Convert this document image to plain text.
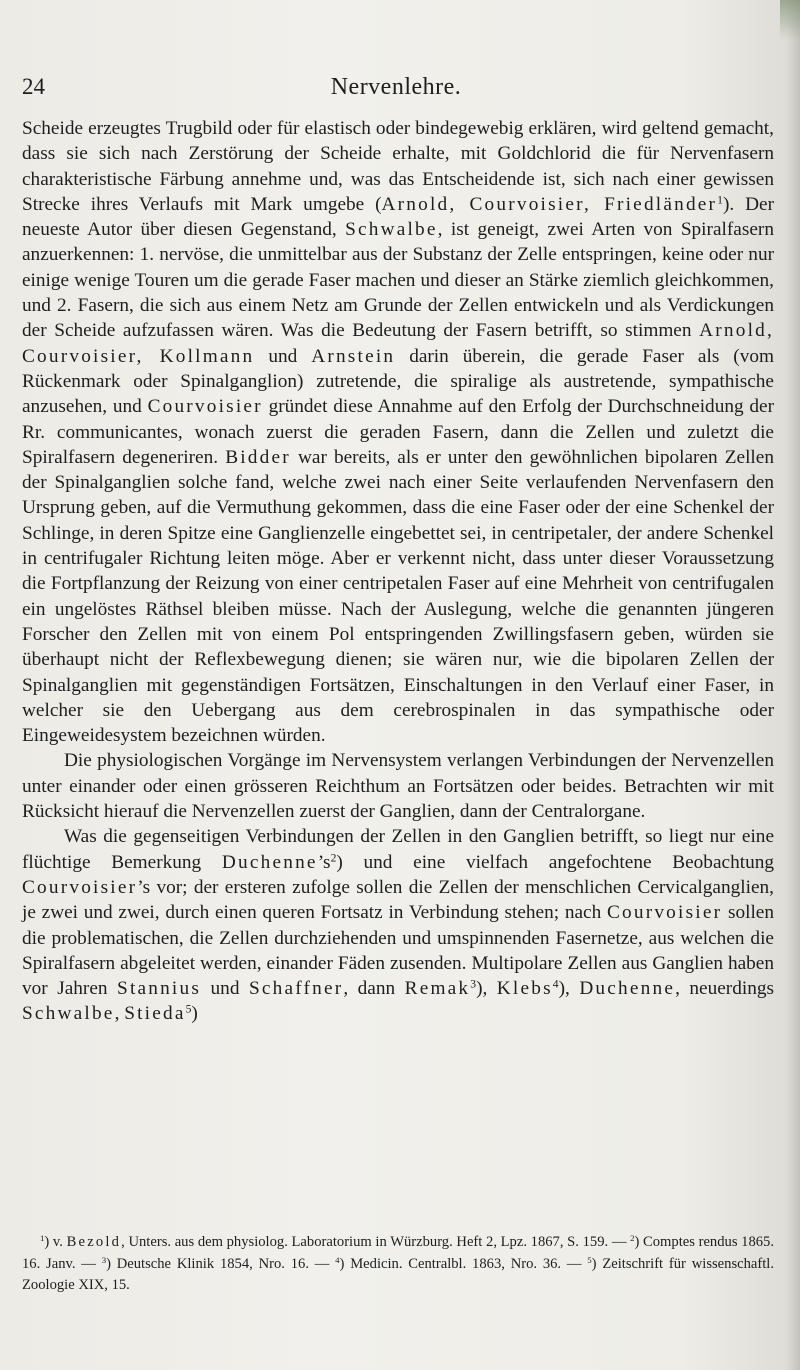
24	Nervenlehre.

Scheide erzeugtes Trugbild oder für elastisch oder bindegewebig erklären, wird geltend gemacht, dass sie sich nach Zerstörung der Scheide erhalte, mit Goldchlorid die für Nervenfasern charakteristische Färbung annehme und, was das Entscheidende ist, sich nach einer gewissen Strecke ihres Verlaufs mit Mark umgebe (Arnold, Courvoisier, Friedländer$^1$). Der neueste Autor über diesen Gegenstand, Schwalbe, ist geneigt, zwei Arten von Spiralfasern anzuerkennen: 1. nervöse, die unmittelbar aus der Substanz der Zelle entspringen, keine oder nur einige wenige Touren um die gerade Faser machen und dieser an Stärke ziemlich gleichkommen, und 2. Fasern, die sich aus einem Netz am Grunde der Zellen entwickeln und als Verdickungen der Scheide aufzufassen wären. Was die Bedeutung der Fasern betrifft, so stimmen Arnold, Courvoisier, Kollmann und Arnstein darin überein, die gerade Faser als (vom Rückenmark oder Spinalganglion) zutretende, die spiralige als austretende, sympathische anzusehen, und Courvoisier gründet diese Annahme auf den Erfolg der Durchschneidung der Rr. communicantes, wonach zuerst die geraden Fasern, dann die Zellen und zuletzt die Spiralfasern degeneriren. Bidder war bereits, als er unter den gewöhnlichen bipolaren Zellen der Spinalganglien solche fand, welche zwei nach einer Seite verlaufenden Nervenfasern den Ursprung geben, auf die Vermuthung gekommen, dass die eine Faser oder der eine Schenkel der Schlinge, in deren Spitze eine Ganglienzelle eingebettet sei, in centripetaler, der andere Schenkel in centrifugaler Richtung leiten möge. Aber er verkennt nicht, dass unter dieser Voraussetzung die Fortpflanzung der Reizung von einer centripetalen Faser auf eine Mehrheit von centrifugalen ein ungelöstes Räthsel bleiben müsse. Nach der Auslegung, welche die genannten jüngeren Forscher den Zellen mit von einem Pol entspringenden Zwillingsfasern geben, würden sie überhaupt nicht der Reflexbewegung dienen; sie wären nur, wie die bipolaren Zellen der Spinalganglien mit gegenständigen Fortsätzen, Einschaltungen in den Verlauf einer Faser, in welcher sie den Uebergang aus dem cerebrospinalen in das sympathische oder Eingeweidesystem bezeichnen würden.

Die physiologischen Vorgänge im Nervensystem verlangen Verbindungen der Nervenzellen unter einander oder einen grösseren Reichthum an Fortsätzen oder beides. Betrachten wir mit Rücksicht hierauf die Nervenzellen zuerst der Ganglien, dann der Centralorgane.

Was die gegenseitigen Verbindungen der Zellen in den Ganglien betrifft, so liegt nur eine flüchtige Bemerkung $Duchenne’s^2$) und eine vielfach angefochtene Beobachtung Courvoisier’s vor; der ersteren zufolge sollen die Zellen der menschlichen Cervicalganglien, je zwei und zwei, durch einen queren Fortsatz in Verbindung stehen; nach Courvoisier sollen die problematischen, die Zellen durchziehenden und umspinnenden Fasernetze, aus welchen die Spiralfasern abgeleitet werden, einander Fäden zusenden. Multipolare Zellen aus Ganglien haben vor Jahren Stannius und Schaffner, dann Remak$^3$), Klebs$^4$), Duchenne, neuerdings Schwalbe, Stieda$^5$)

$^1$) v. Bezold, Unters. aus dem physiolog. Laboratorium in Würzburg. Heft 2, Lpz. 1867, S. 159. — $^2$) Comptes rendus 1865. 16. Janv. — $^3$) Deutsche Klinik 1854, Nro. 16. — $^4$) Medicin. Centralbl. 1863, Nro. 36. — $^5$) Zeitschrift für wissenschaftl. Zoologie XIX, 15.
